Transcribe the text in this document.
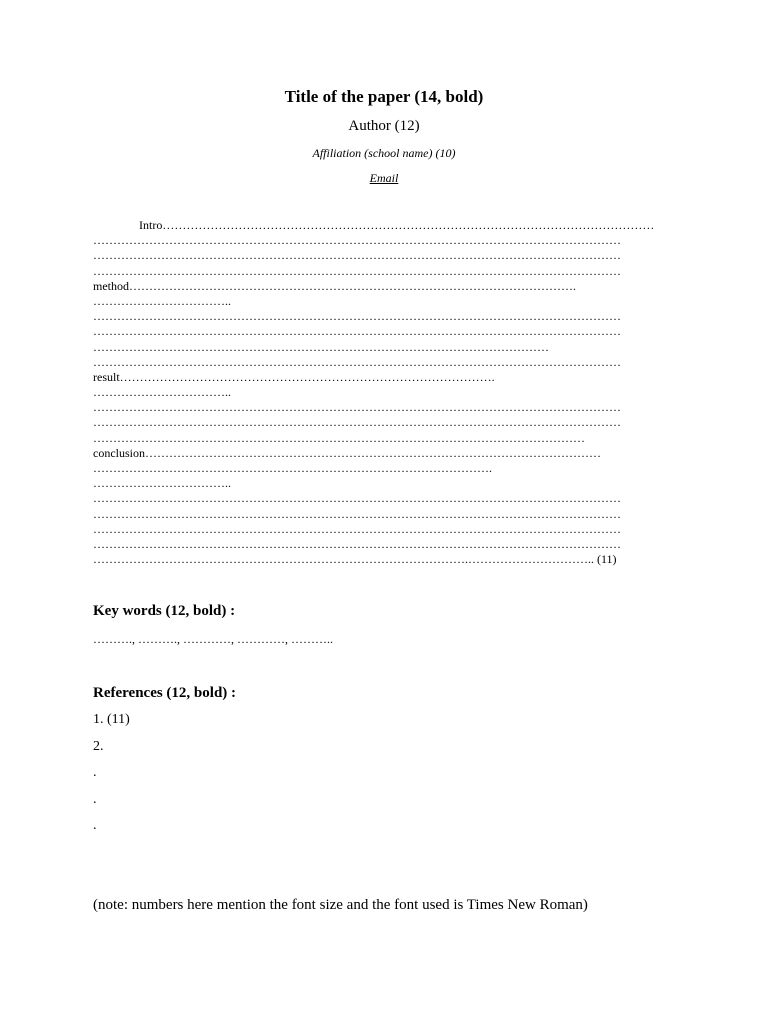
Title of the paper (14, bold)
Author (12)
Affiliation (school name) (10)
Email
Intro……………………………………………………………………………………………………………
……………………………………………………………………………………………………………………
……………………………………………………………………………………………………………………
……………………………………………………………………………………………………………………
method………………………………………………………………………………………………….
……………………………..
……………………………………………………………………………………………………………………
……………………………………………………………………………………………………………………
……………………………………………………………………………………………………
……………………………………………………………………………………………………………………
result………………………………………………………………………………….
……………………………..
……………………………………………………………………………………………………………………
……………………………………………………………………………………………………………………
……………………………………………………………………………………………………………
conclusion……………………………………………………………………………………………………
……………………………………………………………………………………….
……………………………..
……………………………………………………………………………………………………………………
……………………………………………………………………………………………………………………
……………………………………………………………………………………………………………………
……………………………………………………………………………………………………………………
………………………………………………………………………………….………………………….. (11)
Key words (12, bold) :
………., ………., …………, …………, ………..
References (12, bold) :
1. (11)
2.
.
.
.
(note: numbers here mention the font size and the font used is Times New Roman)
